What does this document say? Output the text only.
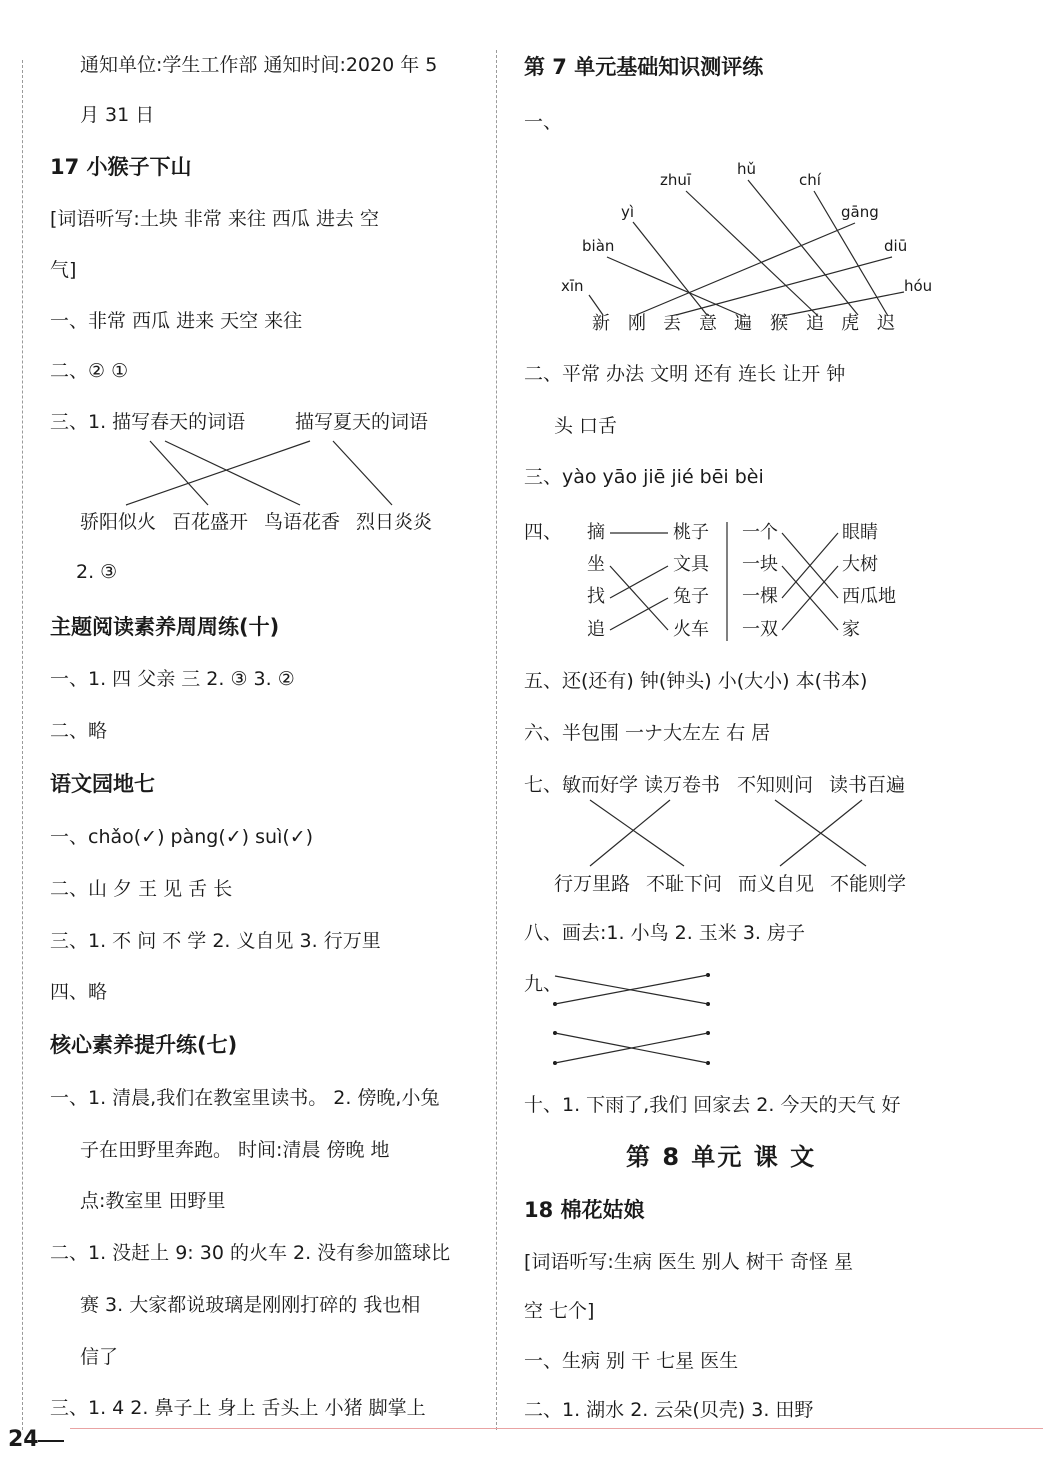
通知单位:学生工作部 通知时间:2020 年 5
月 31 日
17 小猴子下山
[词语听写:土块 非常 来往 西瓜 进去 空
气]
一、非常 西瓜 进来 天空 来往
二、② ①
三、1. 描写春天的词语	描写夏天的词语
骄阳似火 百花盛开 鸟语花香 烈日炎炎
2. ③
主题阅读素养周周练(十)
一、1. 四 父亲 三 2. ③ 3. ②
二、略
语文园地七
一、chǎo(✓) pàng(✓) suì(✓)
二、山 夕 王 见 舌 长
三、1. 不 问 不 学 2. 义自见 3. 行万里
四、略
核心素养提升练(七)
一、1. 清晨,我们在教室里读书。 2. 傍晚,小兔
子在田野里奔跑。 时间:清晨 傍晚 地
点:教室里 田野里
二、1. 没赶上 9: 30 的火车 2. 没有参加篮球比
赛 3. 大家都说玻璃是刚刚打碎的 我也相
信了
三、1. 4 2. 鼻子上 身上 舌头上 小猪 脚掌上
第 7 单元基础知识测评练
一、
zhuī
hǔ
chí
yì	gāng
biàn	diū
xīn	hóu
新 刚 丢 意 遍 猴 追 虎 迟
二、平常 办法 文明 还有 连长 让开 钟
头 口舌
三、yào yāo jiē jié bēi bèi
四、 摘
坐
找
追
桃子
文具
兔子
火车
一个
一块
一棵
一双
眼睛
大树
西瓜地
家
五、还(还有) 钟(钟头) 小(大小) 本(书本)
六、半包围 一ナ大左左 右 居
七、敏而好学 读万卷书 不知则问 读书百遍
行万里路 不耻下问 而义自见 不能则学
八、画去:1. 小鸟 2. 玉米 3. 房子
九、
十、1. 下雨了,我们 回家去 2. 今天的天气 好
第 8 单元 课 文
18 棉花姑娘
[词语听写:生病 医生 别人 树干 奇怪 星
空 七个]
一、生病 别 干 七星 医生
二、1. 湖水 2. 云朵(贝壳) 3. 田野
24
